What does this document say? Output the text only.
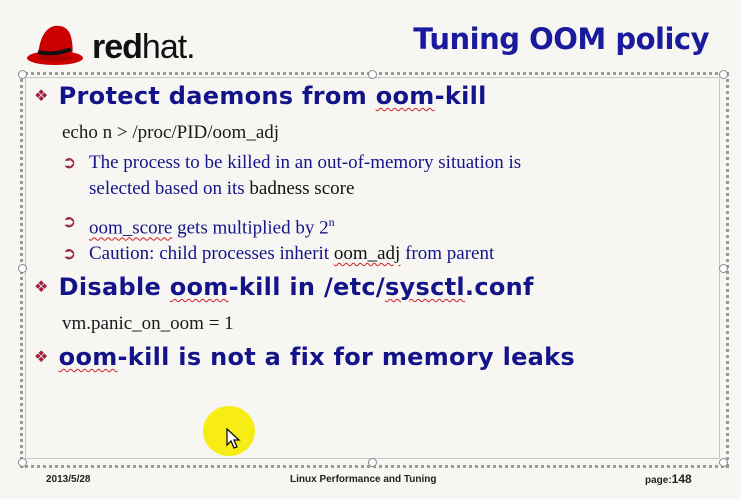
redhat.	Tuning OOM policy
❖ Protect daemons from oom-kill
echo n > /proc/PID/oom_adj
➲ The process to be killed in an out-of-memory situation is
selected based on its badness score
➲ oom_score gets multiplied by 2$^n$
➲ Caution: child processes inherit oom_adj from parent
❖ Disable oom-kill in /etc/sysctl.conf
vm.panic_on_oom = 1
❖ oom-kill is not a fix for memory leaks
2013/5/28	Linux Performance and Tuning	page:148
